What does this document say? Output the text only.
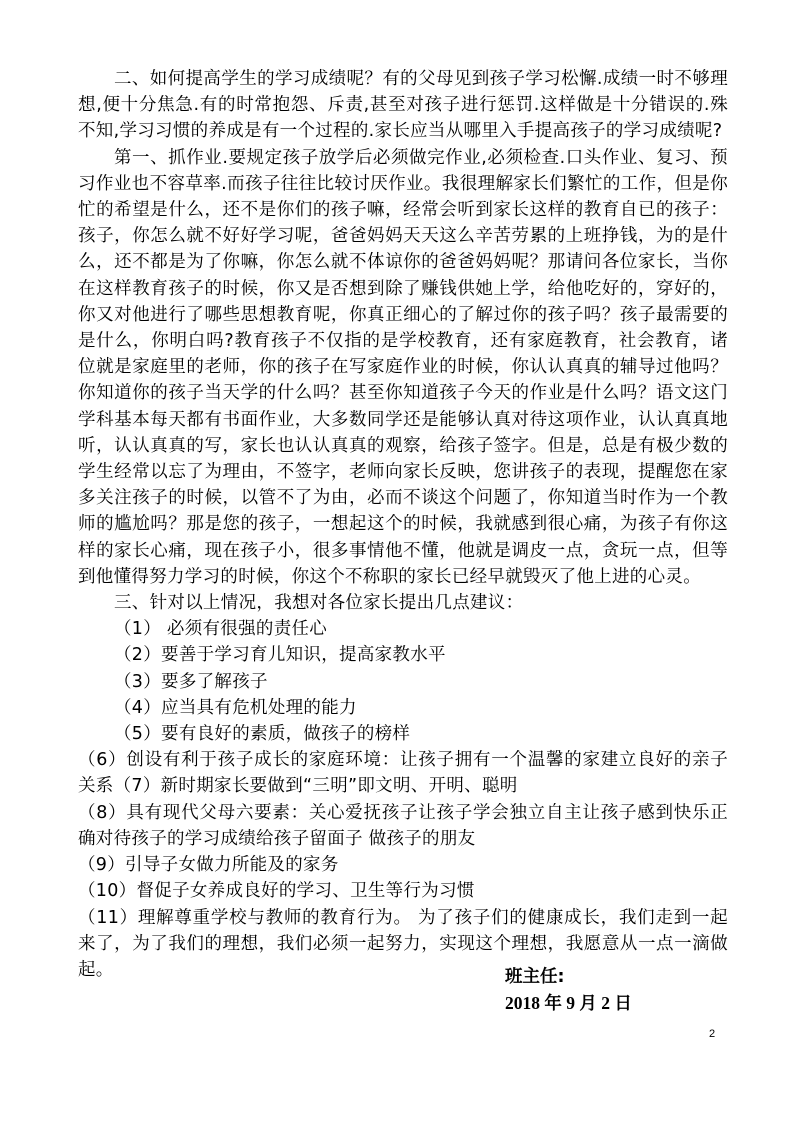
二、如何提高学生的学习成绩呢？有的父母见到孩子学习松懈.成绩一时不够理想,便十分焦急.有的时常抱怨、斥责,甚至对孩子进行惩罚.这样做是十分错误的.殊不知,学习习惯的养成是有一个过程的.家长应当从哪里入手提高孩子的学习成绩呢?

第一、抓作业.要规定孩子放学后必须做完作业,必须检查.口头作业、复习、预习作业也不容草率.而孩子往往比较讨厌作业。我很理解家长们繁忙的工作，但是你忙的希望是什么，还不是你们的孩子嘛，经常会听到家长这样的教育自已的孩子：孩子，你怎么就不好好学习呢，爸爸妈妈天天这么辛苦劳累的上班挣钱，为的是什么，还不都是为了你嘛，你怎么就不体谅你的爸爸妈妈呢？那请问各位家长，当你在这样教育孩子的时候，你又是否想到除了赚钱供她上学，给他吃好的，穿好的，你又对他进行了哪些思想教育呢，你真正细心的了解过你的孩子吗？孩子最需要的是什么，你明白吗?教育孩子不仅指的是学校教育，还有家庭教育，社会教育，诸位就是家庭里的老师，你的孩子在写家庭作业的时候，你认认真真的辅导过他吗？你知道你的孩子当天学的什么吗？甚至你知道孩子今天的作业是什么吗？语文这门学科基本每天都有书面作业，大多数同学还是能够认真对待这项作业，认认真真地听，认认真真的写，家长也认认真真的观察，给孩子签字。但是，总是有极少数的学生经常以忘了为理由，不签字，老师向家长反映，您讲孩子的表现，提醒您在家多关注孩子的时候，以管不了为由，必而不谈这个问题了，你知道当时作为一个教师的尴尬吗？那是您的孩子，一想起这个的时候，我就感到很心痛，为孩子有你这样的家长心痛，现在孩子小，很多事情他不懂，他就是调皮一点，贪玩一点，但等到他懂得努力学习的时候，你这个不称职的家长已经早就毁灭了他上进的心灵。

三、针对以上情况，我想对各位家长提出几点建议：

（1） 必须有很强的责任心

（2）要善于学习育儿知识，提高家教水平

（3）要多了解孩子

（4）应当具有危机处理的能力

（5）要有良好的素质，做孩子的榜样

（6）创设有利于孩子成长的家庭环境：让孩子拥有一个温馨的家建立良好的亲子关系（7）新时期家长要做到“三明”即文明、开明、聪明

（8）具有现代父母六要素：关心爱抚孩子让孩子学会独立自主让孩子感到快乐正确对待孩子的学习成绩给孩子留面子 做孩子的朋友

（9）引导子女做力所能及的家务

（10）督促子女养成良好的学习、卫生等行为习惯

（11）理解尊重学校与教师的教育行为。 为了孩子们的健康成长，我们走到一起来了，为了我们的理想，我们必须一起努力，实现这个理想，我愿意从一点一滴做起。	班主任:
2018 年 9 月 2 日
2
